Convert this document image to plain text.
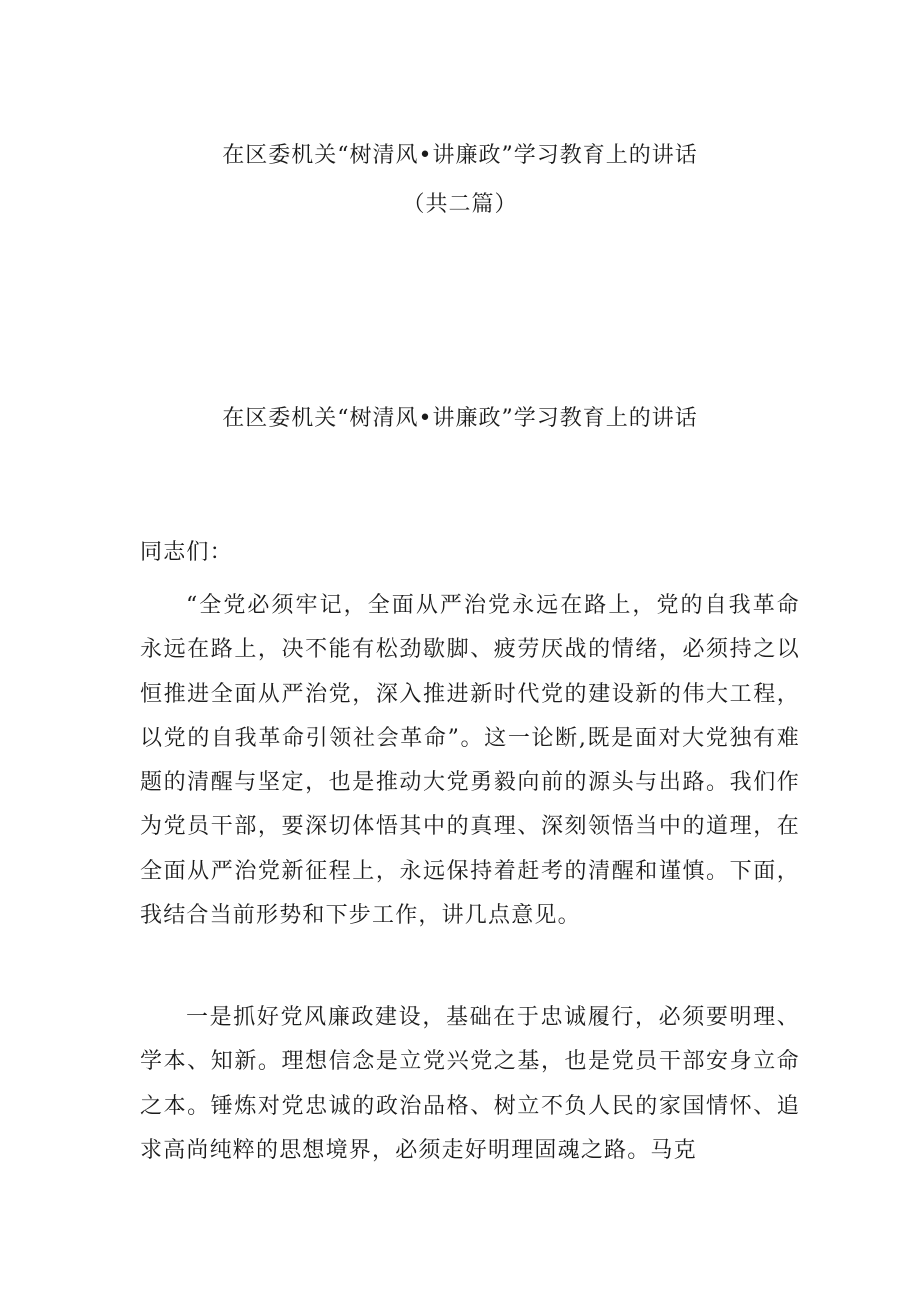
在区委机关“树清风•讲廉政”学习教育上的讲话
（共二篇）
在区委机关“树清风•讲廉政”学习教育上的讲话
同志们：
“全党必须牢记，全面从严治党永远在路上，党的自我革命永远在路上，决不能有松劲歇脚、疲劳厌战的情绪，必须持之以恒推进全面从严治党，深入推进新时代党的建设新的伟大工程，以党的自我革命引领社会革命”。这一论断,既是面对大党独有难题的清醒与坚定，也是推动大党勇毅向前的源头与出路。我们作为党员干部，要深切体悟其中的真理、深刻领悟当中的道理，在全面从严治党新征程上，永远保持着赶考的清醒和谨慎。下面，我结合当前形势和下步工作，讲几点意见。
一是抓好党风廉政建设，基础在于忠诚履行，必须要明理、学本、知新。理想信念是立党兴党之基，也是党员干部安身立命之本。锤炼对党忠诚的政治品格、树立不负人民的家国情怀、追求高尚纯粹的思想境界，必须走好明理固魂之路。马克
